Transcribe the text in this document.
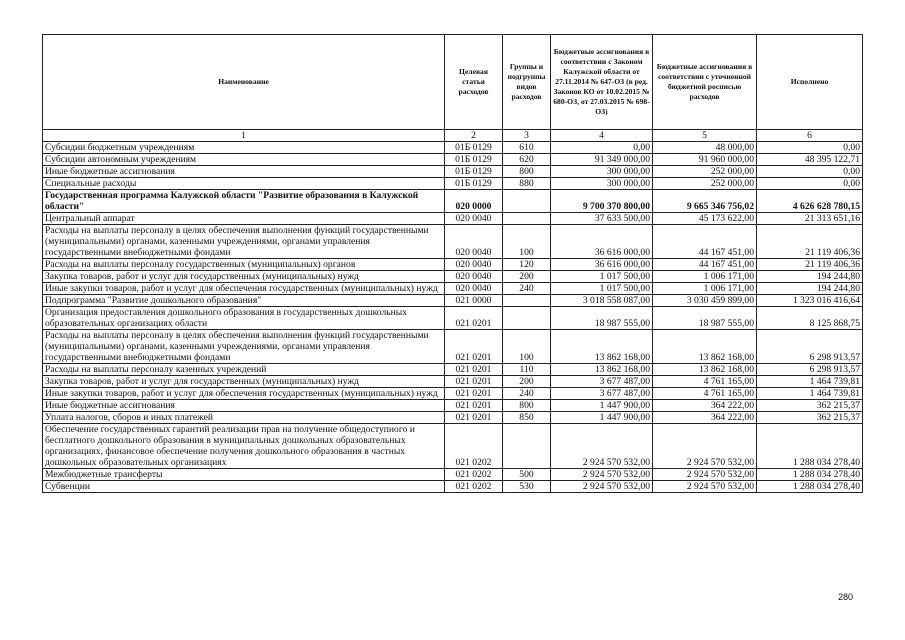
Наименование	Целевая статья расходов	Группы и подгруппы видов расходов	Бюджетные ассигнования в соответствии с Законом Калужской области от 27.11.2014 № 647-ОЗ (в ред. Законов КО от 10.02.2015 № 680-ОЗ, от 27.03.2015 № 698-ОЗ)	Бюджетные ассигнования в соответствии с уточненной бюджетной росписью расходов	Исполнено
1	2	3	4	5	6
Субсидии бюджетным учреждениям	01Б 0129	610	0,00	48 000,00	0,00
Субсидии автономным учреждениям	01Б 0129	620	91 349 000,00	91 960 000,00	48 395 122,71
Иные бюджетные ассигнования	01Б 0129	800	300 000,00	252 000,00	0,00
Специальные расходы	01Б 0129	880	300 000,00	252 000,00	0,00
Государственная программа Калужской области "Развитие образования в Калужской области"	020 0000		9 700 370 800,00	9 665 346 756,02	4 626 628 780,15
Центральный аппарат	020 0040		37 633 500,00	45 173 622,00	21 313 651,16
Расходы на выплаты персоналу в целях обеспечения выполнения функций государственными (муниципальными) органами, казенными учреждениями, органами управления государственными внебюджетными фондами	020 0040	100	36 616 000,00	44 167 451,00	21 119 406,36
Расходы на выплаты персоналу государственных (муниципальных) органов	020 0040	120	36 616 000,00	44 167 451,00	21 119 406,36
Закупка товаров, работ и услуг для государственных (муниципальных) нужд	020 0040	200	1 017 500,00	1 006 171,00	194 244,80
Иные закупки товаров, работ и услуг для обеспечения государственных (муниципальных) нужд	020 0040	240	1 017 500,00	1 006 171,00	194 244,80
Подпрограмма "Развитие дошкольного образования"	021 0000		3 018 558 087,00	3 030 459 899,00	1 323 016 416,64
Организация предоставления дошкольного образования в государственных дошкольных образовательных организациях области	021 0201		18 987 555,00	18 987 555,00	8 125 868,75
Расходы на выплаты персоналу в целях обеспечения выполнения функций государственными (муниципальными) органами, казенными учреждениями, органами управления государственными внебюджетными фондами	021 0201	100	13 862 168,00	13 862 168,00	6 298 913,57
Расходы на выплаты персоналу казенных учреждений	021 0201	110	13 862 168,00	13 862 168,00	6 298 913,57
Закупка товаров, работ и услуг для государственных (муниципальных) нужд	021 0201	200	3 677 487,00	4 761 165,00	1 464 739,81
Иные закупки товаров, работ и услуг для обеспечения государственных (муниципальных) нужд	021 0201	240	3 677 487,00	4 761 165,00	1 464 739,81
Иные бюджетные ассигнования	021 0201	800	1 447 900,00	364 222,00	362 215,37
Уплата налогов, сборов и иных платежей	021 0201	850	1 447 900,00	364 222,00	362 215,37
Обеспечение государственных гарантий реализации прав на получение общедоступного и бесплатного дошкольного образования в муниципальных дошкольных образовательных организациях, финансовое обеспечение получения дошкольного образования в частных дошкольных образовательных организациях	021 0202		2 924 570 532,00	2 924 570 532,00	1 288 034 278,40
Межбюджетные трансферты	021 0202	500	2 924 570 532,00	2 924 570 532,00	1 288 034 278,40
Субвенции	021 0202	530	2 924 570 532,00	2 924 570 532,00	1 288 034 278,40
280
